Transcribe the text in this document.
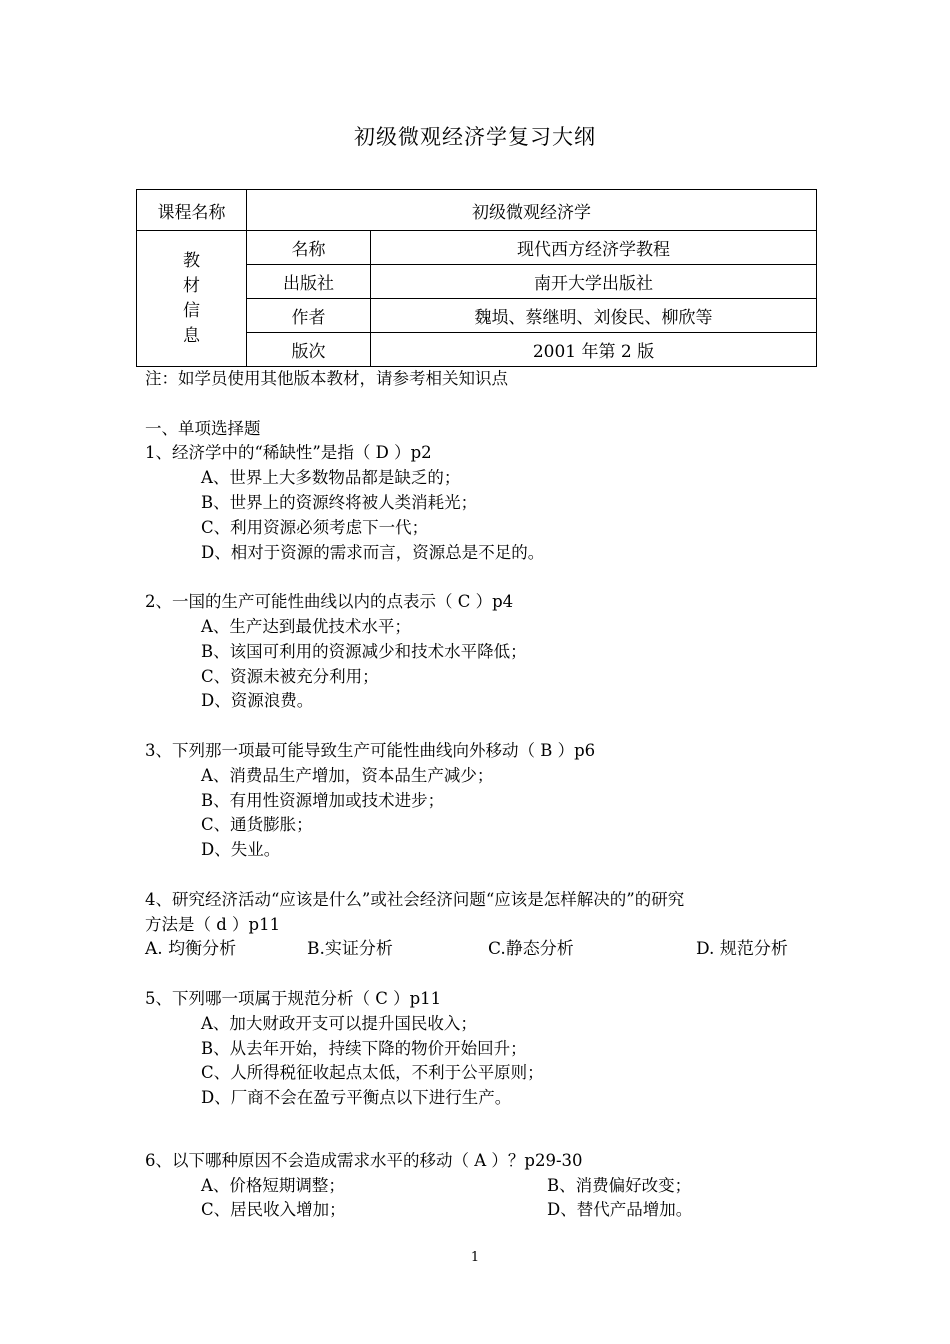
初级微观经济学复习大纲
课程名称	初级微观经济学	

教
材
信
息	名称	现代西方经济学教程
	出版社	南开大学出版社
	作者	魏埙、蔡继明、刘俊民、柳欣等
	版次	2001 年第 2 版
注：如学员使用其他版本教材，请参考相关知识点
一、单项选择题
1、经济学中的“稀缺性”是指（ D ）p2
A、世界上大多数物品都是缺乏的；
B、世界上的资源终将被人类消耗光；
C、利用资源必须考虑下一代；
D、相对于资源的需求而言，资源总是不足的。
2、一国的生产可能性曲线以内的点表示（ C ）p4
A、生产达到最优技术水平；
B、该国可利用的资源减少和技术水平降低；
C、资源未被充分利用；
D、资源浪费。
3、下列那一项最可能导致生产可能性曲线向外移动（ B ）p6
A、消费品生产增加，资本品生产减少；
B、有用性资源增加或技术进步；
C、通货膨胀；
D、失业。
4、研究经济活动“应该是什么”或社会经济问题“应该是怎样解决的”的研究
方法是（ d ）p11
A. 均衡分析	B.实证分析	C.静态分析	D. 规范分析
5、下列哪一项属于规范分析（ C ）p11
A、加大财政开支可以提升国民收入；
B、从去年开始，持续下降的物价开始回升；
C、人所得税征收起点太低，不利于公平原则；
D、厂商不会在盈亏平衡点以下进行生产。
6、以下哪种原因不会造成需求水平的移动（ A ）？p29-30
A、价格短期调整；	B、消费偏好改变；
C、居民收入增加；	D、替代产品增加。
1
